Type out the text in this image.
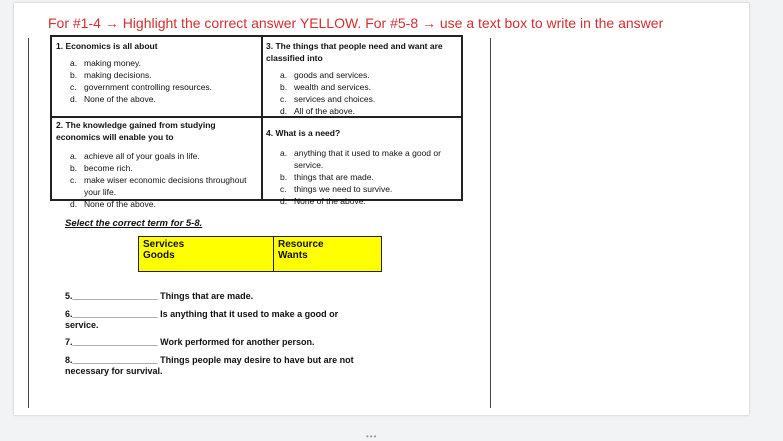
For #1-4 → Highlight the correct answer YELLOW. For #5-8 → use a text box to write in the answer
1. Economics is all about
a. making money.
b. making decisions.
c. government controlling resources.
d. None of the above.
3. The things that people need and want are classified into
a. goods and services.
b. wealth and services.
c. services and choices.
d. All of the above.
2. The knowledge gained from studying economics will enable you to
a. achieve all of your goals in life.
b. become rich.
c. make wiser economic decisions throughout your life.
d. None of the above.
4. What is a need?
a. anything that it used to make a good or service.
b. things that are made.
c. things we need to survive.
d. None of the above.
Select the correct term for 5-8.
Services
Goods
Resource
Wants
5._________________ Things that are made.
6._________________ Is anything that it used to make a good or
service.
7._________________ Work performed for another person.
8._________________ Things people may desire to have but are not
necessary for survival.
•••
